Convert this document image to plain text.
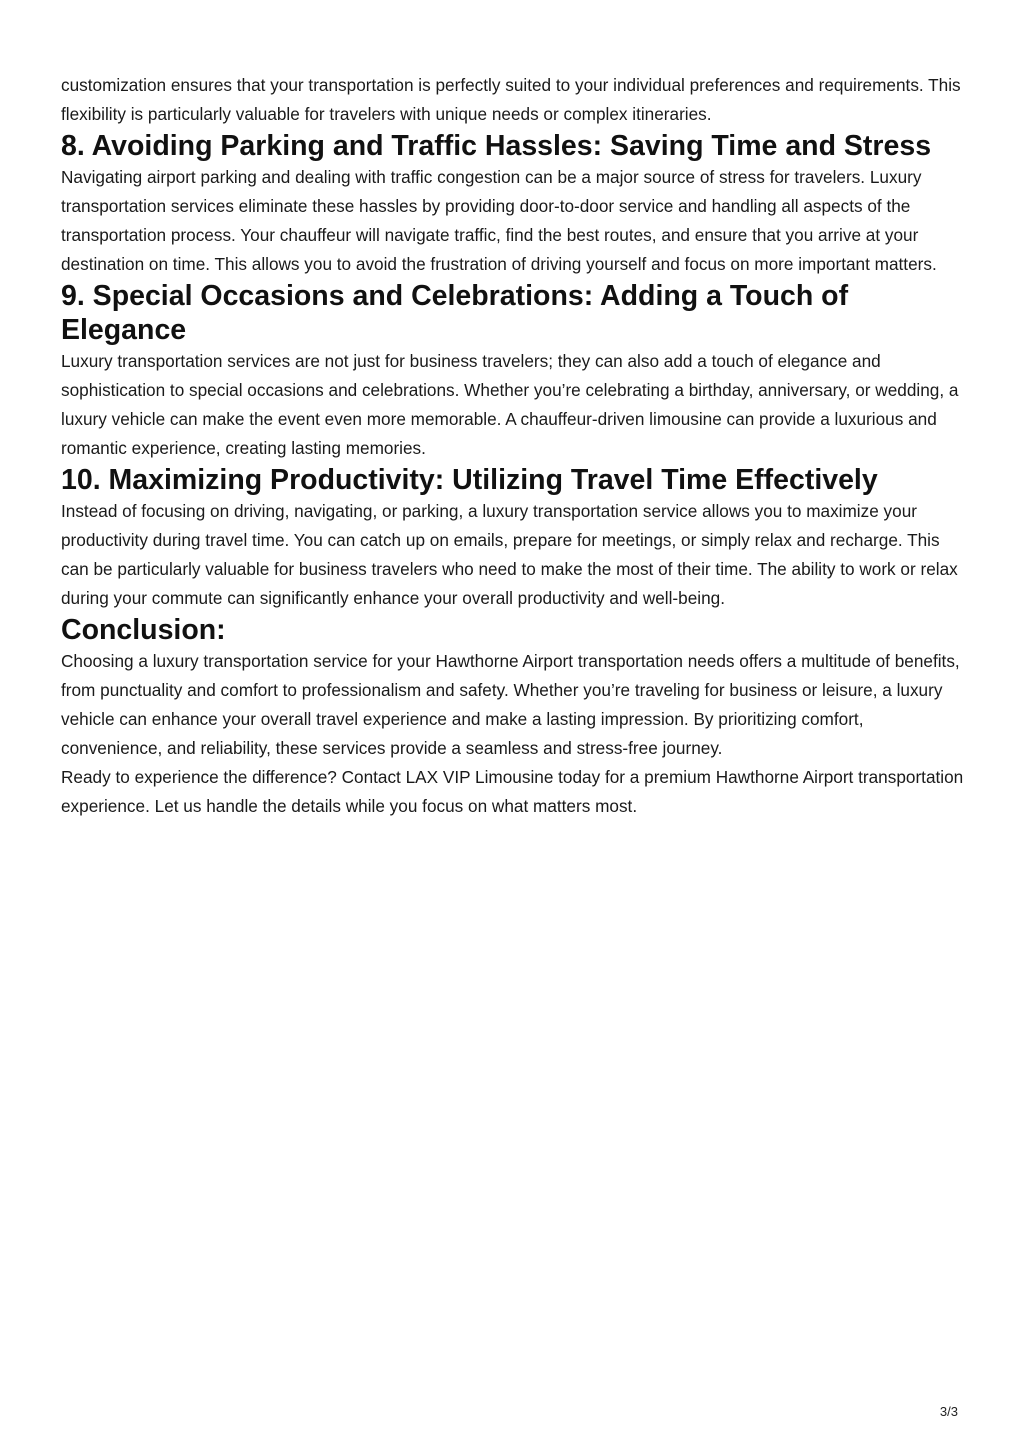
customization ensures that your transportation is perfectly suited to your individual preferences and requirements. This flexibility is particularly valuable for travelers with unique needs or complex itineraries.

8. Avoiding Parking and Traffic Hassles: Saving Time and Stress

Navigating airport parking and dealing with traffic congestion can be a major source of stress for travelers. Luxury transportation services eliminate these hassles by providing door-to-door service and handling all aspects of the transportation process. Your chauffeur will navigate traffic, find the best routes, and ensure that you arrive at your destination on time. This allows you to avoid the frustration of driving yourself and focus on more important matters.

9. Special Occasions and Celebrations: Adding a Touch of Elegance

Luxury transportation services are not just for business travelers; they can also add a touch of elegance and sophistication to special occasions and celebrations. Whether you’re celebrating a birthday, anniversary, or wedding, a luxury vehicle can make the event even more memorable. A chauffeur-driven limousine can provide a luxurious and romantic experience, creating lasting memories.

10. Maximizing Productivity: Utilizing Travel Time Effectively

Instead of focusing on driving, navigating, or parking, a luxury transportation service allows you to maximize your productivity during travel time. You can catch up on emails, prepare for meetings, or simply relax and recharge. This can be particularly valuable for business travelers who need to make the most of their time. The ability to work or relax during your commute can significantly enhance your overall productivity and well-being.

Conclusion:

Choosing a luxury transportation service for your Hawthorne Airport transportation needs offers a multitude of benefits, from punctuality and comfort to professionalism and safety. Whether you’re traveling for business or leisure, a luxury vehicle can enhance your overall travel experience and make a lasting impression. By prioritizing comfort, convenience, and reliability, these services provide a seamless and stress-free journey.

Ready to experience the difference? Contact LAX VIP Limousine today for a premium Hawthorne Airport transportation experience. Let us handle the details while you focus on what matters most.

3/3
